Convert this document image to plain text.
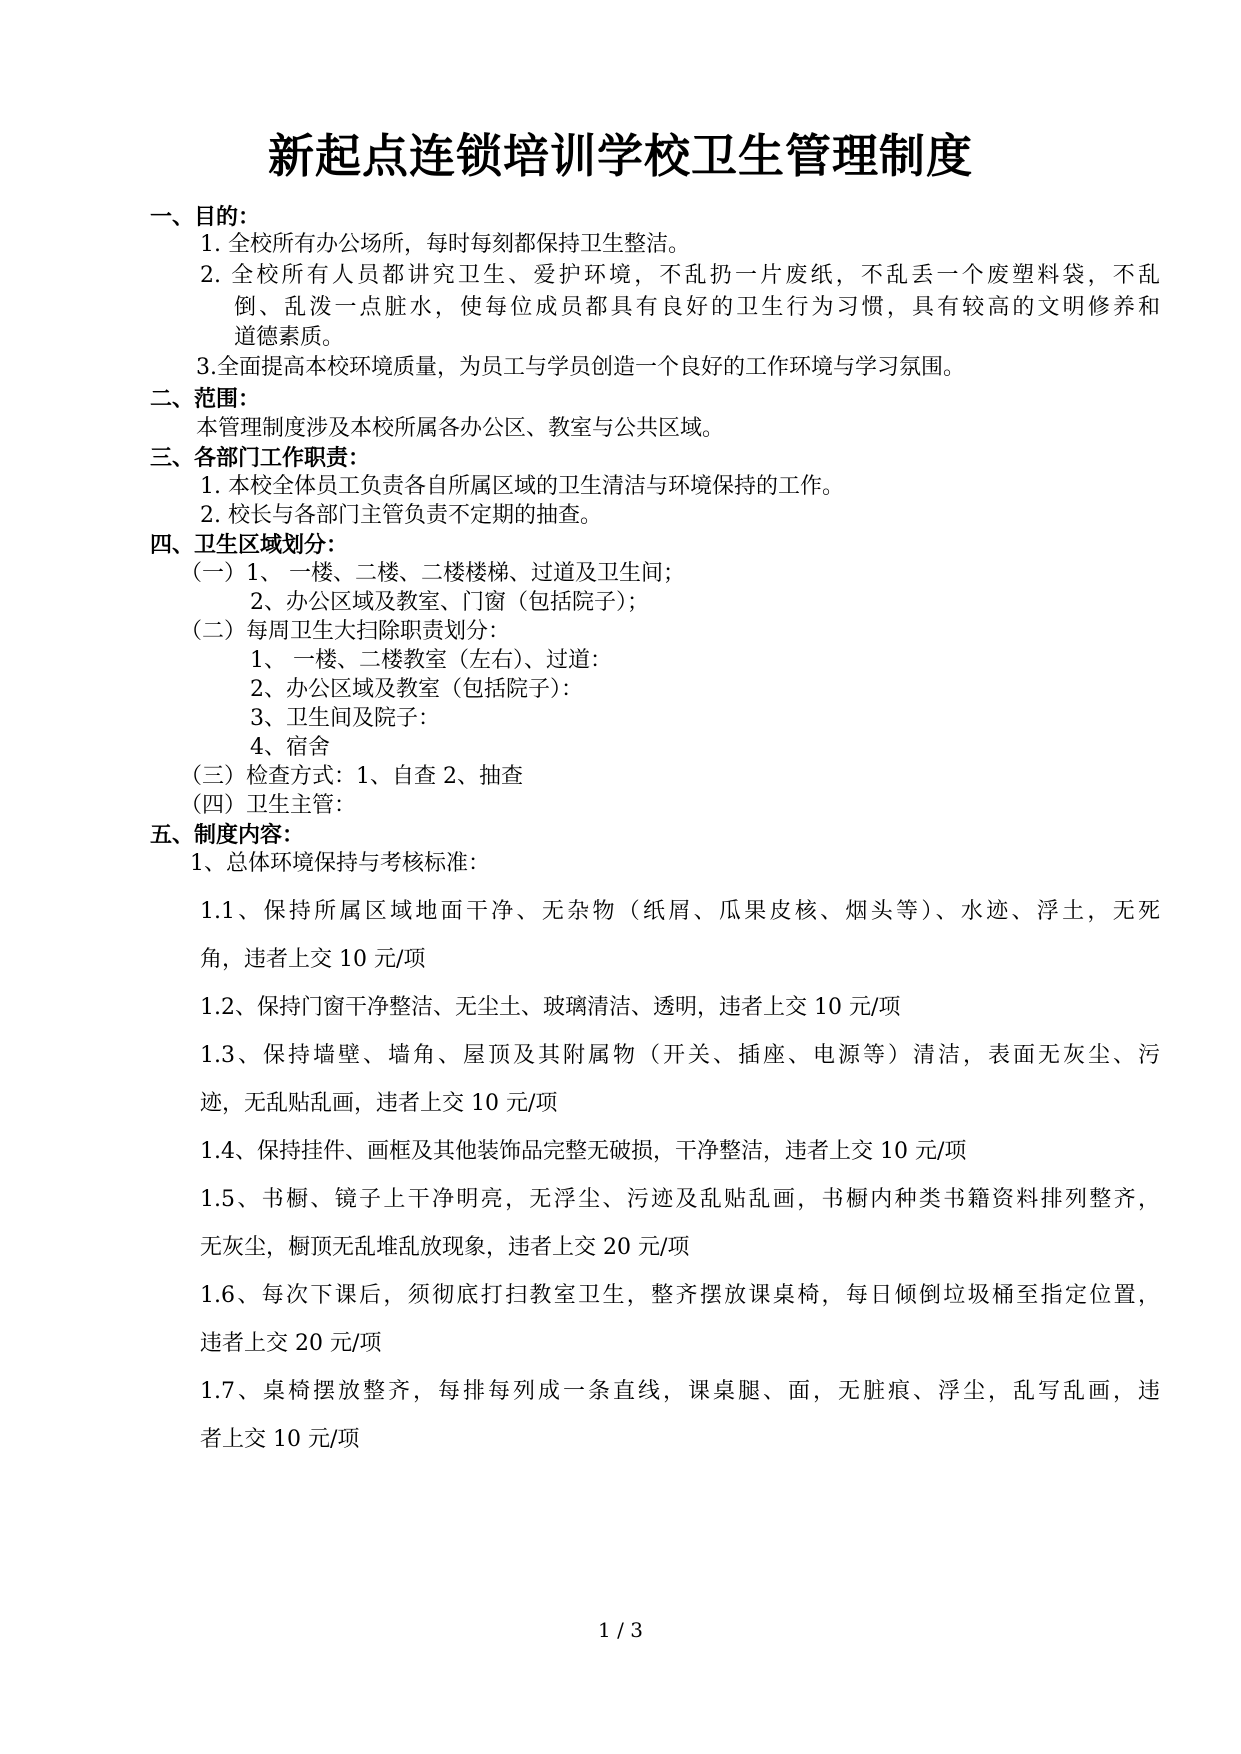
新起点连锁培训学校卫生管理制度
一、目的：
1. 全校所有办公场所，每时每刻都保持卫生整洁。
2. 全校所有人员都讲究卫生、爱护环境，不乱扔一片废纸，不乱丢一个废塑料袋，不乱
倒、乱泼一点脏水，使每位成员都具有良好的卫生行为习惯，具有较高的文明修养和
道德素质。
3.全面提高本校环境质量，为员工与学员创造一个良好的工作环境与学习氛围。
二、范围：
本管理制度涉及本校所属各办公区、教室与公共区域。
三、各部门工作职责：
1. 本校全体员工负责各自所属区域的卫生清洁与环境保持的工作。
2. 校长与各部门主管负责不定期的抽查。
四、卫生区域划分：
（一）1、 一楼、二楼、二楼楼梯、过道及卫生间；
2、办公区域及教室、门窗（包括院子）；
（二）每周卫生大扫除职责划分：
1、 一楼、二楼教室（左右）、过道：
2、办公区域及教室（包括院子）：
3、卫生间及院子：
4、宿舍
（三）检查方式：1、自查 2、抽查
（四）卫生主管：
五、制度内容：
1、总体环境保持与考核标准：
1.1、保持所属区域地面干净、无杂物（纸屑、瓜果皮核、烟头等）、水迹、浮土，无死
角，违者上交 10 元/项
1.2、保持门窗干净整洁、无尘土、玻璃清洁、透明，违者上交 10 元/项
1.3、保持墙壁、墙角、屋顶及其附属物（开关、插座、电源等）清洁，表面无灰尘、污
迹，无乱贴乱画，违者上交 10 元/项
1.4、保持挂件、画框及其他装饰品完整无破损，干净整洁，违者上交 10 元/项
1.5、书橱、镜子上干净明亮，无浮尘、污迹及乱贴乱画，书橱内种类书籍资料排列整齐，
无灰尘，橱顶无乱堆乱放现象，违者上交 20 元/项
1.6、每次下课后，须彻底打扫教室卫生，整齐摆放课桌椅，每日倾倒垃圾桶至指定位置，
违者上交 20 元/项
1.7、桌椅摆放整齐，每排每列成一条直线，课桌腿、面，无脏痕、浮尘，乱写乱画，违
者上交 10 元/项
1 / 3
